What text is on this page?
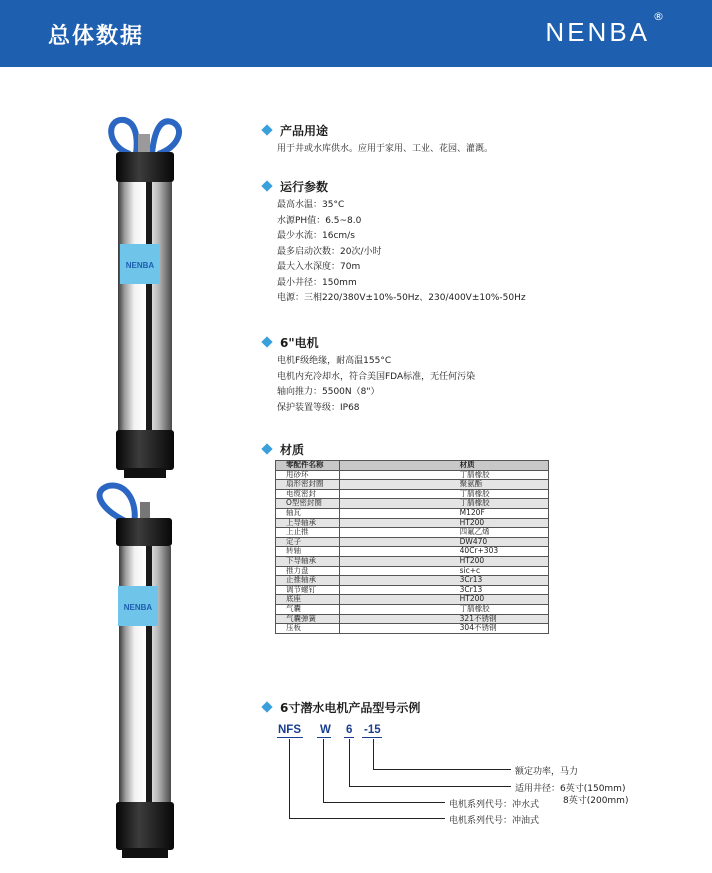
总体数据	NENBA
®
NENBA
NENBA
产品用途
用于井或水库供水。应用于家用、工业、花园、灌溉。
运行参数
最高水温：35°C
水源PH值：6.5~8.0
最少水流：16cm/s
最多启动次数：20次/小时
最大入水深度：70m
最小井径：150mm
电源：三相220/380V±10%-50Hz、230/400V±10%-50Hz
6"电机
电机F级绝缘，耐高温155°C
电机内充冷却水，符合美国FDA标准，无任何污染
轴向推力：5500N（8"）
保护装置等级：IP68
材质
零配件名称	材质
甩砂环	丁腈橡胶
扇形密封圈	聚氨酯
电缆密封	丁腈橡胶
O型密封圈	丁腈橡胶
轴瓦	M120F
上导轴承	HT200
上止推	四氟乙烯
定子	DW470
转轴	40Cr+303
下导轴承	HT200
推力盘	sic+c
止推轴承	3Cr13
调节螺钉	3Cr13
底座	HT200
气囊	丁腈橡胶
气囊弹簧	321不锈钢
压板	304不锈钢
6寸潜水电机产品型号示例
NFS W 6 -15
额定功率，马力
适用井径：6英寸(150mm)
8英寸(200mm)
电机系列代号：冲水式
电机系列代号：冲油式
